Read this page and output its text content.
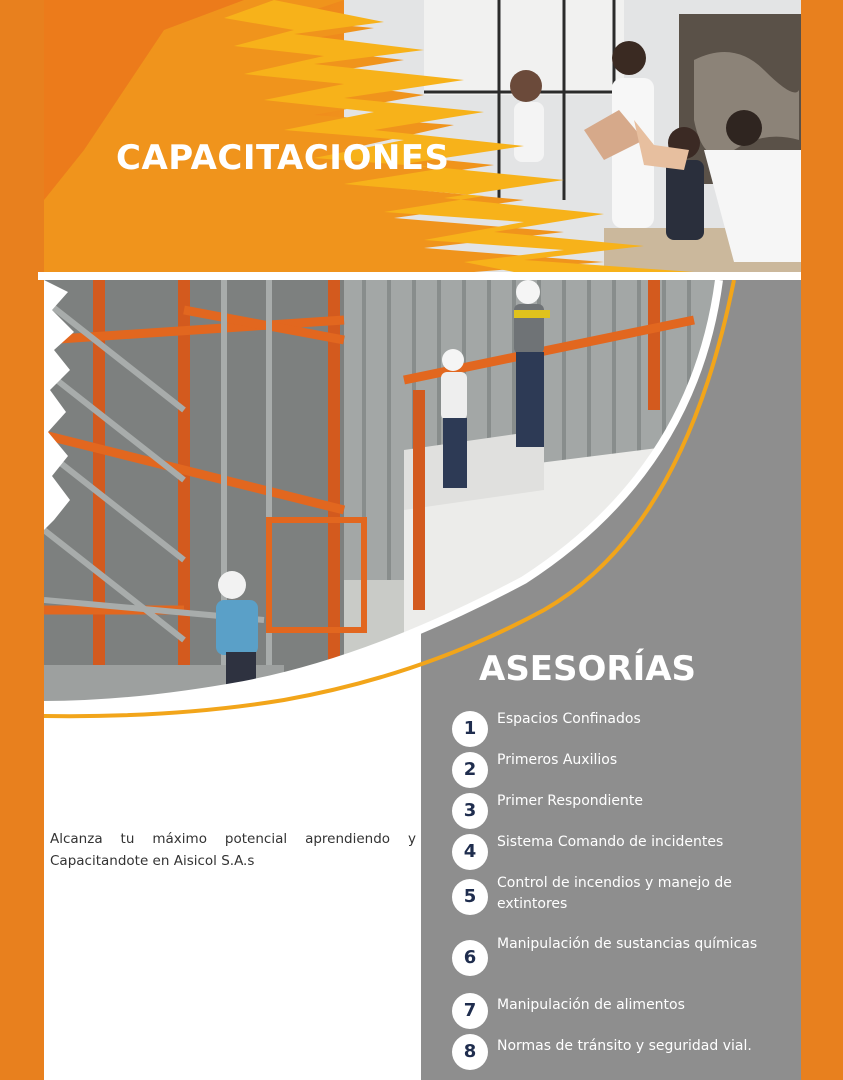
CAPACITACIONES

Alcanza tu máximo potencial aprendiendo y Capacitandote en Aisicol S.A.s

ASESORÍAS
1	Espacios Confinados
2	Primeros Auxilios
3	Primer Respondiente
4	Sistema Comando de incidentes
5
Control de incendios y manejo de extintores
6
Manipulación de sustancias químicas
7	Manipulación de alimentos
8	Normas de tránsito y seguridad vial.
